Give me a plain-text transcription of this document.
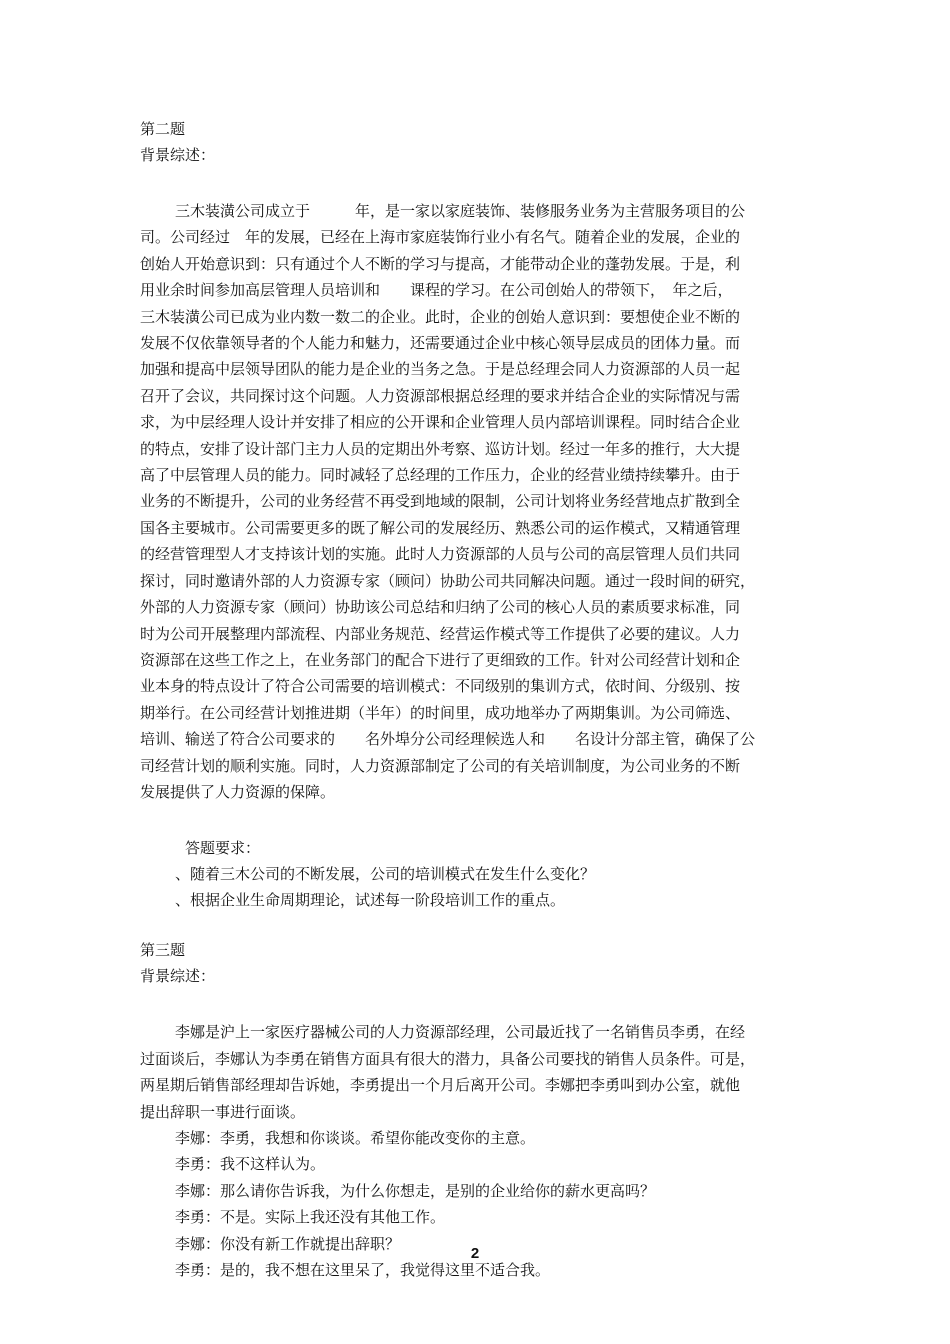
第二题

背景综述：

三木装潢公司成立于　　　年，是一家以家庭装饰、装修服务业务为主营服务项目的公

司。公司经过　年的发展，已经在上海市家庭装饰行业小有名气。随着企业的发展，企业的

创始人开始意识到：只有通过个人不断的学习与提高，才能带动企业的蓬勃发展。于是，利

用业余时间参加高层管理人员培训和　　课程的学习。在公司创始人的带领下，　年之后，

三木装潢公司已成为业内数一数二的企业。此时，企业的创始人意识到：要想使企业不断的

发展不仅依靠领导者的个人能力和魅力，还需要通过企业中核心领导层成员的团体力量。而

加强和提高中层领导团队的能力是企业的当务之急。于是总经理会同人力资源部的人员一起

召开了会议，共同探讨这个问题。人力资源部根据总经理的要求并结合企业的实际情况与需

求，为中层经理人设计并安排了相应的公开课和企业管理人员内部培训课程。同时结合企业

的特点，安排了设计部门主力人员的定期出外考察、巡访计划。经过一年多的推行，大大提

高了中层管理人员的能力。同时减轻了总经理的工作压力，企业的经营业绩持续攀升。由于

业务的不断提升，公司的业务经营不再受到地域的限制，公司计划将业务经营地点扩散到全

国各主要城市。公司需要更多的既了解公司的发展经历、熟悉公司的运作模式，又精通管理

的经营管理型人才支持该计划的实施。此时人力资源部的人员与公司的高层管理人员们共同

探讨，同时邀请外部的人力资源专家（顾问）协助公司共同解决问题。通过一段时间的研究，

外部的人力资源专家（顾问）协助该公司总结和归纳了公司的核心人员的素质要求标准，同

时为公司开展整理内部流程、内部业务规范、经营运作模式等工作提供了必要的建议。人力

资源部在这些工作之上，在业务部门的配合下进行了更细致的工作。针对公司经营计划和企

业本身的特点设计了符合公司需要的培训模式：不同级别的集训方式，依时间、分级别、按

期举行。在公司经营计划推进期（半年）的时间里，成功地举办了两期集训。为公司筛选、

培训、输送了符合公司要求的　　名外埠分公司经理候选人和　　名设计分部主管，确保了公

司经营计划的顺利实施。同时，人力资源部制定了公司的有关培训制度，为公司业务的不断

发展提供了人力资源的保障。

答题要求：

、随着三木公司的不断发展，公司的培训模式在发生什么变化？

、根据企业生命周期理论，试述每一阶段培训工作的重点。

第三题

背景综述：

李娜是沪上一家医疗器械公司的人力资源部经理，公司最近找了一名销售员李勇，在经

过面谈后，李娜认为李勇在销售方面具有很大的潜力，具备公司要找的销售人员条件。可是，

两星期后销售部经理却告诉她，李勇提出一个月后离开公司。李娜把李勇叫到办公室，就他

提出辞职一事进行面谈。

李娜：李勇，我想和你谈谈。希望你能改变你的主意。

李勇：我不这样认为。

李娜：那么请你告诉我，为什么你想走，是别的企业给你的薪水更高吗？

李勇：不是。实际上我还没有其他工作。

李娜：你没有新工作就提出辞职？

李勇：是的，我不想在这里呆了，我觉得这里不适合我。

2
